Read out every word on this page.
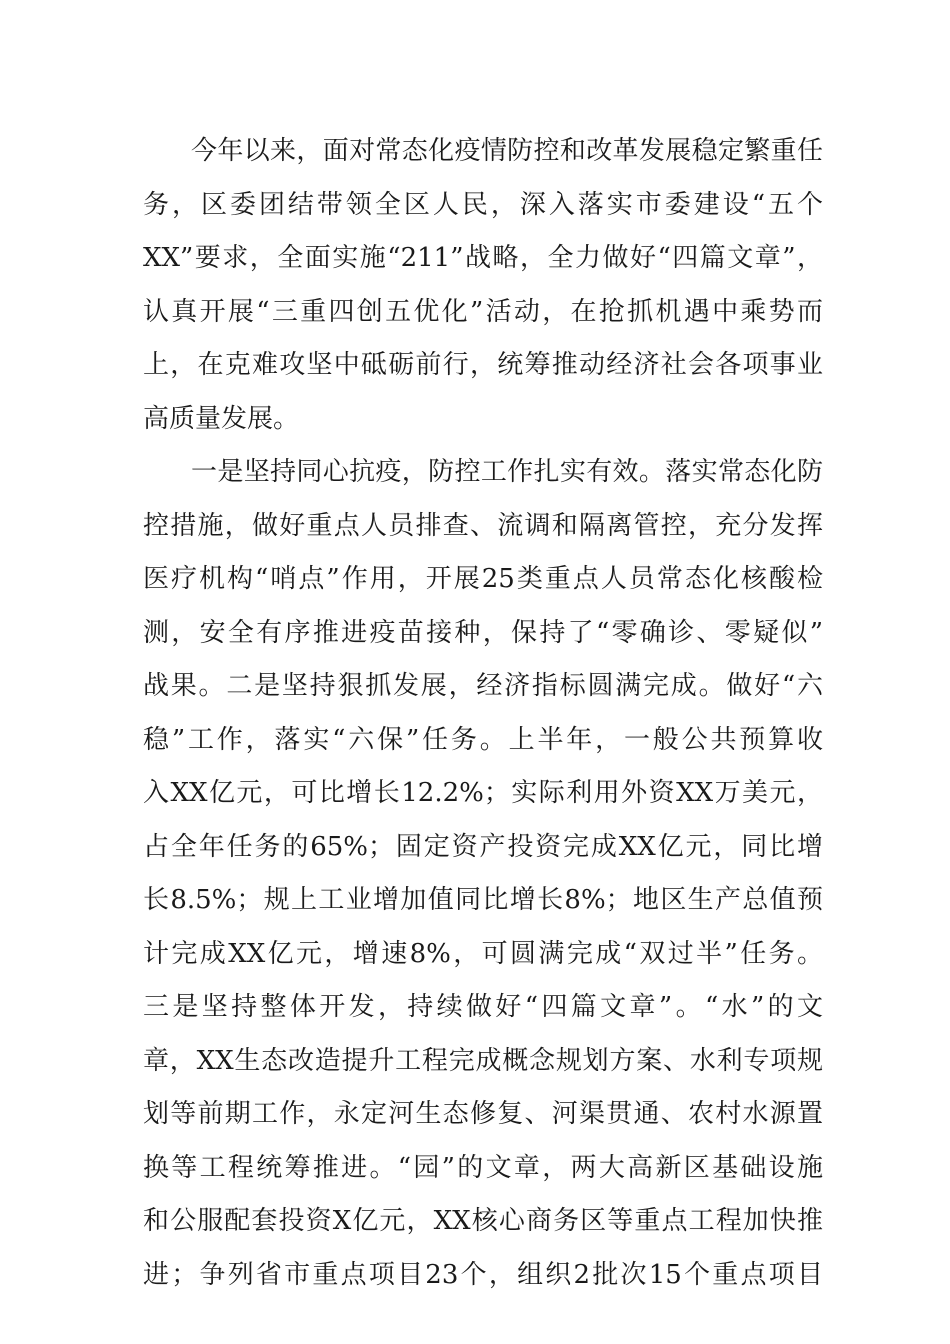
今年以来，面对常态化疫情防控和改革发展稳定繁重任
务，区委团结带领全区人民，深入落实市委建设“五个
XX”要求，全面实施“211”战略，全力做好“四篇文章”，
认真开展“三重四创五优化”活动，在抢抓机遇中乘势而
上，在克难攻坚中砥砺前行，统筹推动经济社会各项事业
高质量发展。
一是坚持同心抗疫，防控工作扎实有效。落实常态化防
控措施，做好重点人员排查、流调和隔离管控，充分发挥
医疗机构“哨点”作用，开展25类重点人员常态化核酸检
测，安全有序推进疫苗接种，保持了“零确诊、零疑似”
战果。二是坚持狠抓发展，经济指标圆满完成。做好“六
稳”工作，落实“六保”任务。上半年，一般公共预算收
入XX亿元，可比增长12.2%；实际利用外资XX万美元，
占全年任务的65%；固定资产投资完成XX亿元，同比增
长8.5%；规上工业增加值同比增长8%；地区生产总值预
计完成XX亿元，增速8%，可圆满完成“双过半”任务。
三是坚持整体开发，持续做好“四篇文章”。“水”的文
章，XX生态改造提升工程完成概念规划方案、水利专项规
划等前期工作，永定河生态修复、河渠贯通、农村水源置
换等工程统筹推进。“园”的文章，两大高新区基础设施
和公服配套投资X亿元，XX核心商务区等重点工程加快推
进；争列省市重点项目23个，组织2批次15个重点项目
